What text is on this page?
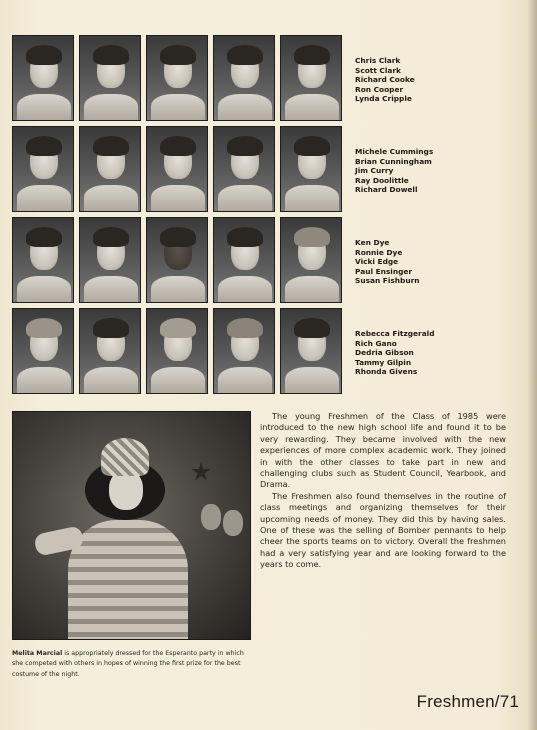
Chris Clark
Scott Clark
Richard Cooke
Ron Cooper
Lynda Cripple
Michele Cummings
Brian Cunningham
Jim Curry
Ray Doolittle
Richard Dowell
Ken Dye
Ronnie Dye
Vicki Edge
Paul Ensinger
Susan Fishburn
Rebecca Fitzgerald
Rich Gano
Dedria Gibson
Tammy Gilpin
Rhonda Givens
Melita Marcial is appropriately dressed for the Esperanto party in which she competed with others in hopes of winning the first prize for the best costume of the night.

The young Freshmen of the Class of 1985 were introduced to the new high school life and found it to be very rewarding. They became involved with the new experiences of more complex academic work. They joined in with the other classes to take part in new and challenging clubs such as Student Council, Yearbook, and Drama.

The Freshmen also found themselves in the routine of class meetings and organizing themselves for their upcoming needs of money. They did this by having sales. One of these was the selling of Bomber pennants to help cheer the sports teams on to victory. Overall the freshmen had a very satisfying year and are looking forward to the years to come.

Freshmen/71
